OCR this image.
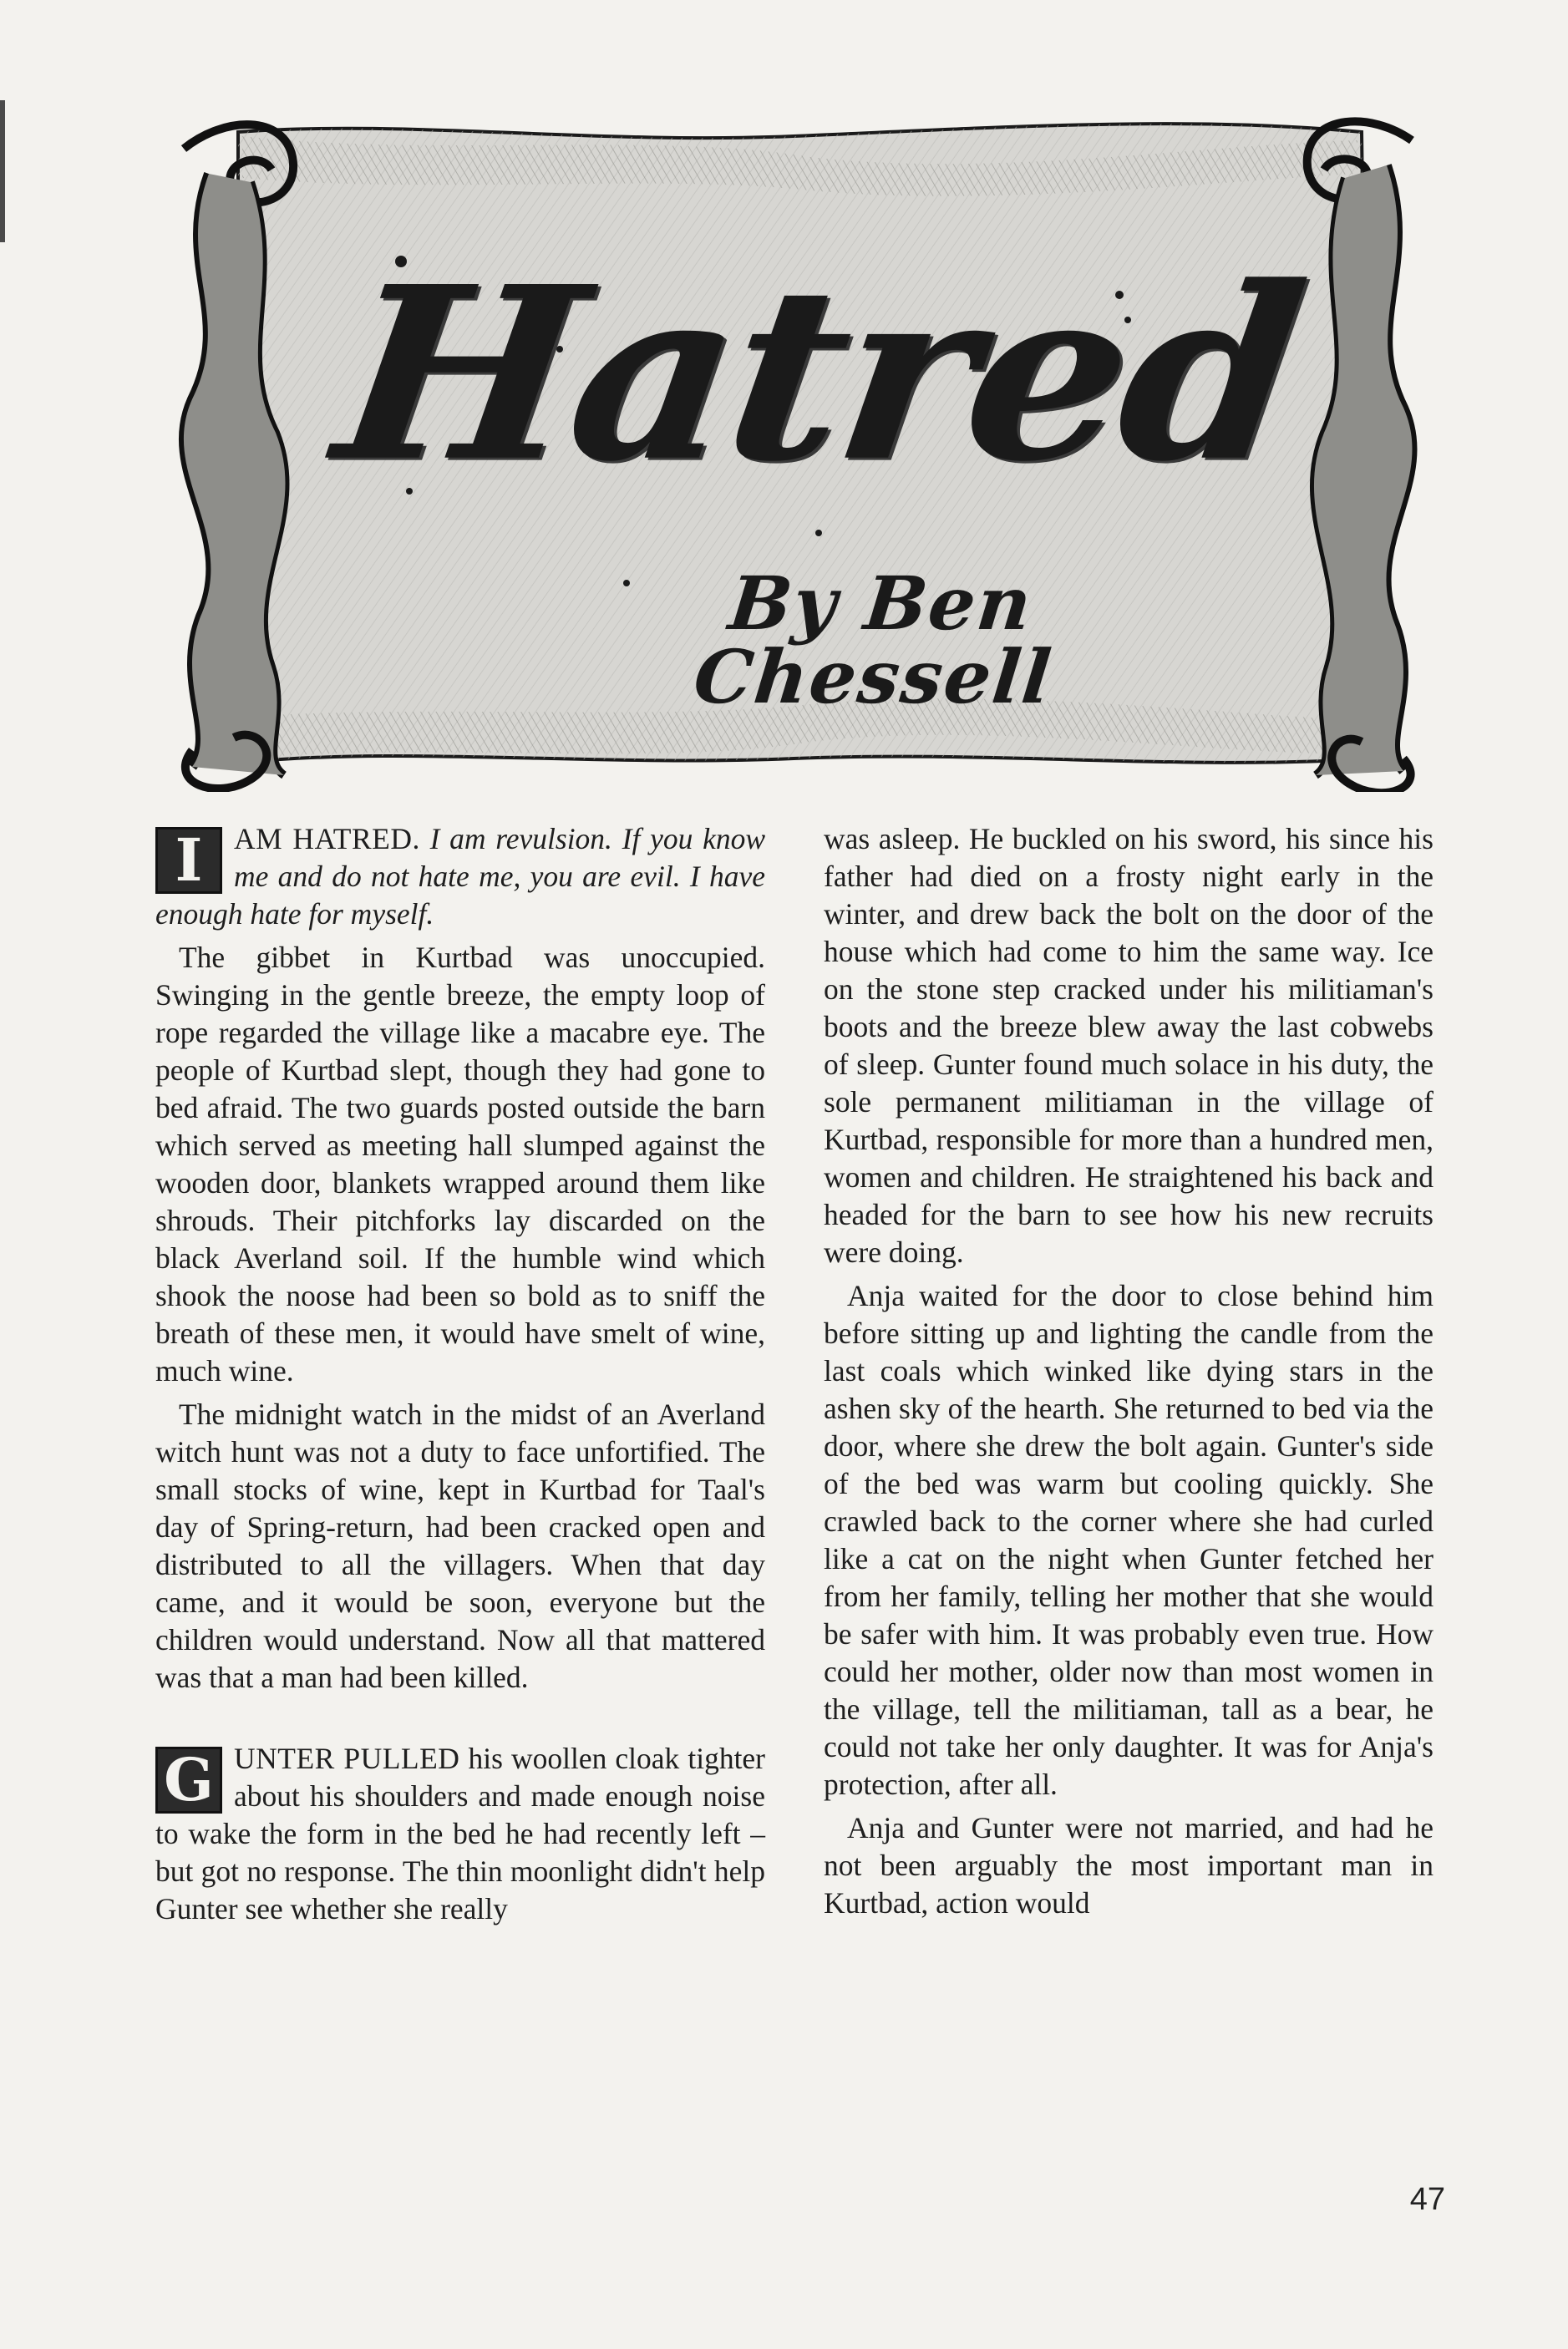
Hatred
By Ben Chessell

I	AM HATRED. I am revulsion. If you know me and do not hate me, you are evil. I have enough hate for myself.

The gibbet in Kurtbad was unoccupied. Swinging in the gentle breeze, the empty loop of rope regarded the village like a macabre eye. The people of Kurtbad slept, though they had gone to bed afraid. The two guards posted outside the barn which served as meeting hall slumped against the wooden door, blankets wrapped around them like shrouds. Their pitchforks lay discarded on the black Averland soil. If the humble wind which shook the noose had been so bold as to sniff the breath of these men, it would have smelt of wine, much wine.

The midnight watch in the midst of an Averland witch hunt was not a duty to face unfortified. The small stocks of wine, kept in Kurtbad for Taal's day of Spring-return, had been cracked open and distributed to all the villagers. When that day came, and it would be soon, everyone but the children would understand. Now all that mattered was that a man had been killed.

G UNTER PULLED his woollen cloak tighter about his shoulders and made enough noise to wake the form in the bed he had recently left – but got no response. The thin moonlight didn't help Gunter see whether she really

was asleep. He buckled on his sword, his since his father had died on a frosty night early in the winter, and drew back the bolt on the door of the house which had come to him the same way. Ice on the stone step cracked under his militiaman's boots and the breeze blew away the last cobwebs of sleep. Gunter found much solace in his duty, the sole permanent militiaman in the village of Kurtbad, responsible for more than a hundred men, women and children. He straightened his back and headed for the barn to see how his new recruits were doing.

Anja waited for the door to close behind him before sitting up and lighting the candle from the last coals which winked like dying stars in the ashen sky of the hearth. She returned to bed via the door, where she drew the bolt again. Gunter's side of the bed was warm but cooling quickly. She crawled back to the corner where she had curled like a cat on the night when Gunter fetched her from her family, telling her mother that she would be safer with him. It was probably even true. How could her mother, older now than most women in the village, tell the militiaman, tall as a bear, he could not take her only daughter. It was for Anja's protection, after all.

Anja and Gunter were not married, and had he not been arguably the most important man in Kurtbad, action would

47
